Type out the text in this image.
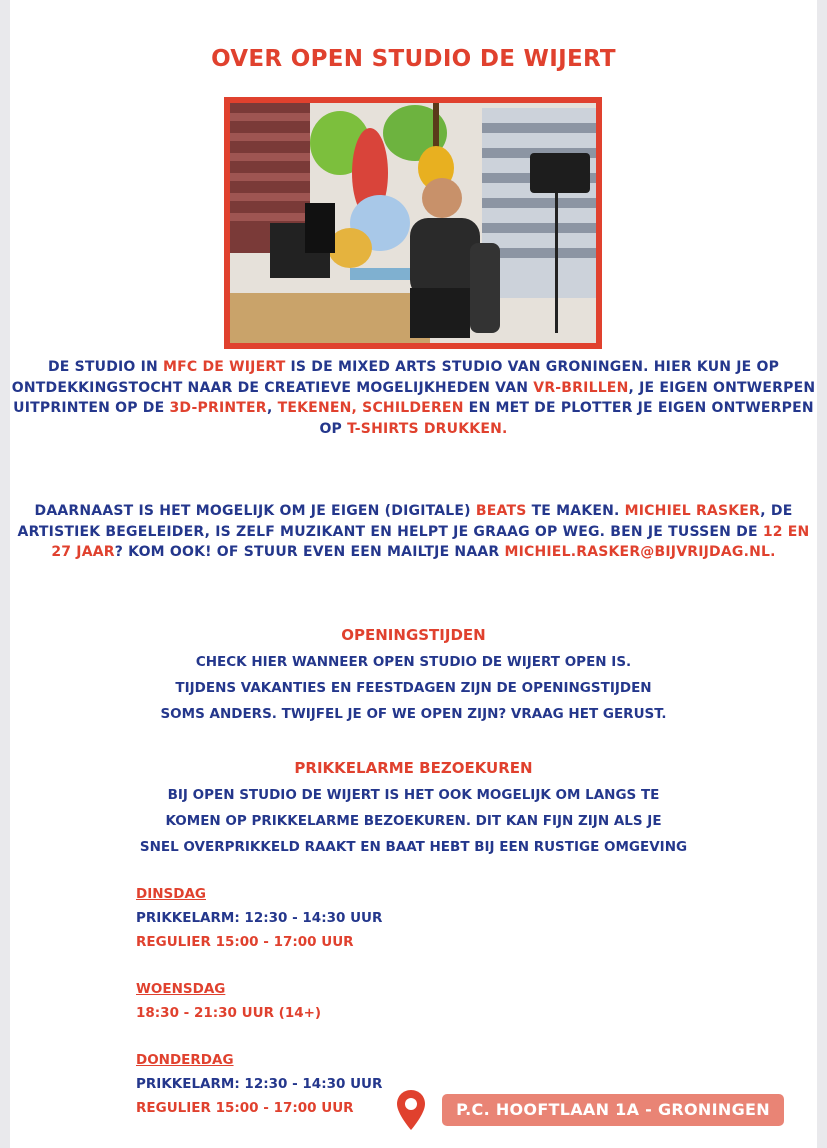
OVER OPEN STUDIO DE WIJERT
DE STUDIO IN MFC DE WIJERT IS DE MIXED ARTS STUDIO VAN GRONINGEN. HIER KUN JE OP ONTDEKKINGSTOCHT NAAR DE CREATIEVE MOGELIJKHEDEN VAN VR-BRILLEN, JE EIGEN ONTWERPEN UITPRINTEN OP DE 3D-PRINTER, TEKENEN, SCHILDEREN EN MET DE PLOTTER JE EIGEN ONTWERPEN OP T-SHIRTS DRUKKEN.
DAARNAAST IS HET MOGELIJK OM JE EIGEN (DIGITALE) BEATS TE MAKEN. MICHIEL RASKER, DE ARTISTIEK BEGELEIDER, IS ZELF MUZIKANT EN HELPT JE GRAAG OP WEG. BEN JE TUSSEN DE 12 EN 27 JAAR? KOM OOK! OF STUUR EVEN EEN MAILTJE NAAR MICHIEL.RASKER@BIJVRIJDAG.NL.
OPENINGSTIJDEN
CHECK HIER WANNEER OPEN STUDIO DE WIJERT OPEN IS.
TIJDENS VAKANTIES EN FEESTDAGEN ZIJN DE OPENINGSTIJDEN
SOMS ANDERS. TWIJFEL JE OF WE OPEN ZIJN? VRAAG HET GERUST.
PRIKKELARME BEZOEKUREN
BIJ OPEN STUDIO DE WIJERT IS HET OOK MOGELIJK OM LANGS TE
KOMEN OP PRIKKELARME BEZOEKUREN. DIT KAN FIJN ZIJN ALS JE
SNEL OVERPRIKKELD RAAKT EN BAAT HEBT BIJ EEN RUSTIGE OMGEVING
DINSDAG
PRIKKELARM: 12:30 - 14:30 UUR
REGULIER 15:00 - 17:00 UUR
WOENSDAG
18:30 - 21:30 UUR (14+)
DONDERDAG
PRIKKELARM: 12:30 - 14:30 UUR
REGULIER 15:00 - 17:00 UUR	P.C. HOOFTLAAN 1A - GRONINGEN
